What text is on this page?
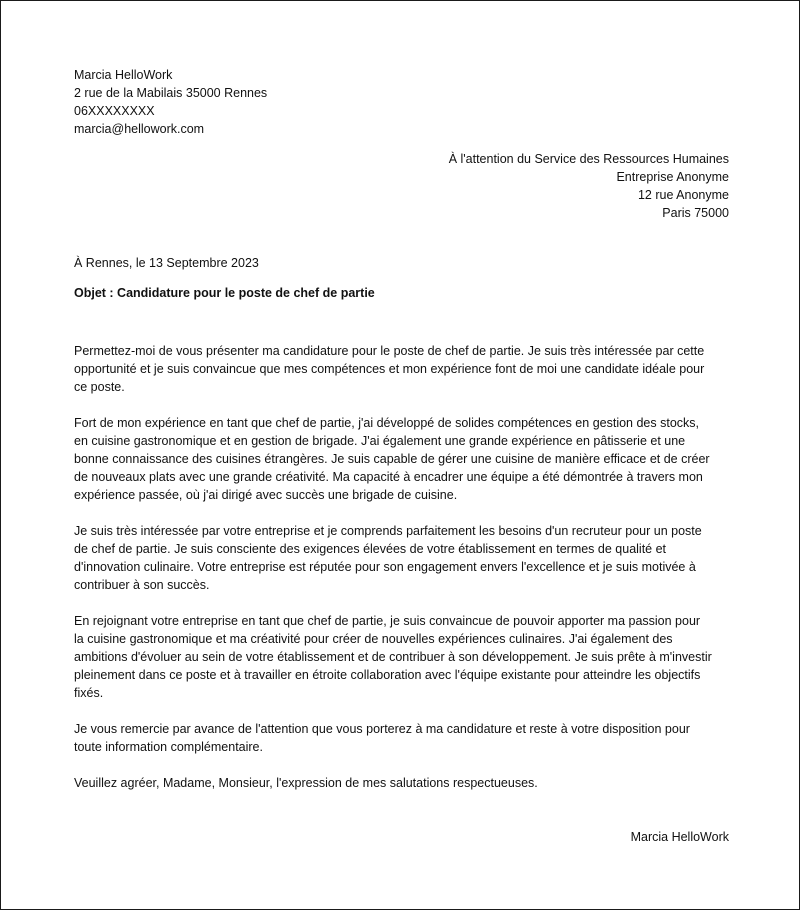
Marcia HelloWork
2 rue de la Mabilais 35000 Rennes
06XXXXXXXX
marcia@hellowork.com
À l'attention du Service des Ressources Humaines
Entreprise Anonyme
12 rue Anonyme
Paris 75000
À Rennes, le 13 Septembre 2023
Objet : Candidature pour le poste de chef de partie
Permettez-moi de vous présenter ma candidature pour le poste de chef de partie. Je suis très intéressée par cette
opportunité et je suis convaincue que mes compétences et mon expérience font de moi une candidate idéale pour
ce poste.
Fort de mon expérience en tant que chef de partie, j'ai développé de solides compétences en gestion des stocks,
en cuisine gastronomique et en gestion de brigade. J'ai également une grande expérience en pâtisserie et une
bonne connaissance des cuisines étrangères. Je suis capable de gérer une cuisine de manière efficace et de créer
de nouveaux plats avec une grande créativité. Ma capacité à encadrer une équipe a été démontrée à travers mon
expérience passée, où j'ai dirigé avec succès une brigade de cuisine.
Je suis très intéressée par votre entreprise et je comprends parfaitement les besoins d'un recruteur pour un poste
de chef de partie. Je suis consciente des exigences élevées de votre établissement en termes de qualité et
d'innovation culinaire. Votre entreprise est réputée pour son engagement envers l'excellence et je suis motivée à
contribuer à son succès.
En rejoignant votre entreprise en tant que chef de partie, je suis convaincue de pouvoir apporter ma passion pour
la cuisine gastronomique et ma créativité pour créer de nouvelles expériences culinaires. J'ai également des
ambitions d'évoluer au sein de votre établissement et de contribuer à son développement. Je suis prête à m'investir
pleinement dans ce poste et à travailler en étroite collaboration avec l'équipe existante pour atteindre les objectifs
fixés.
Je vous remercie par avance de l'attention que vous porterez à ma candidature et reste à votre disposition pour
toute information complémentaire.
Veuillez agréer, Madame, Monsieur, l'expression de mes salutations respectueuses.
Marcia HelloWork
